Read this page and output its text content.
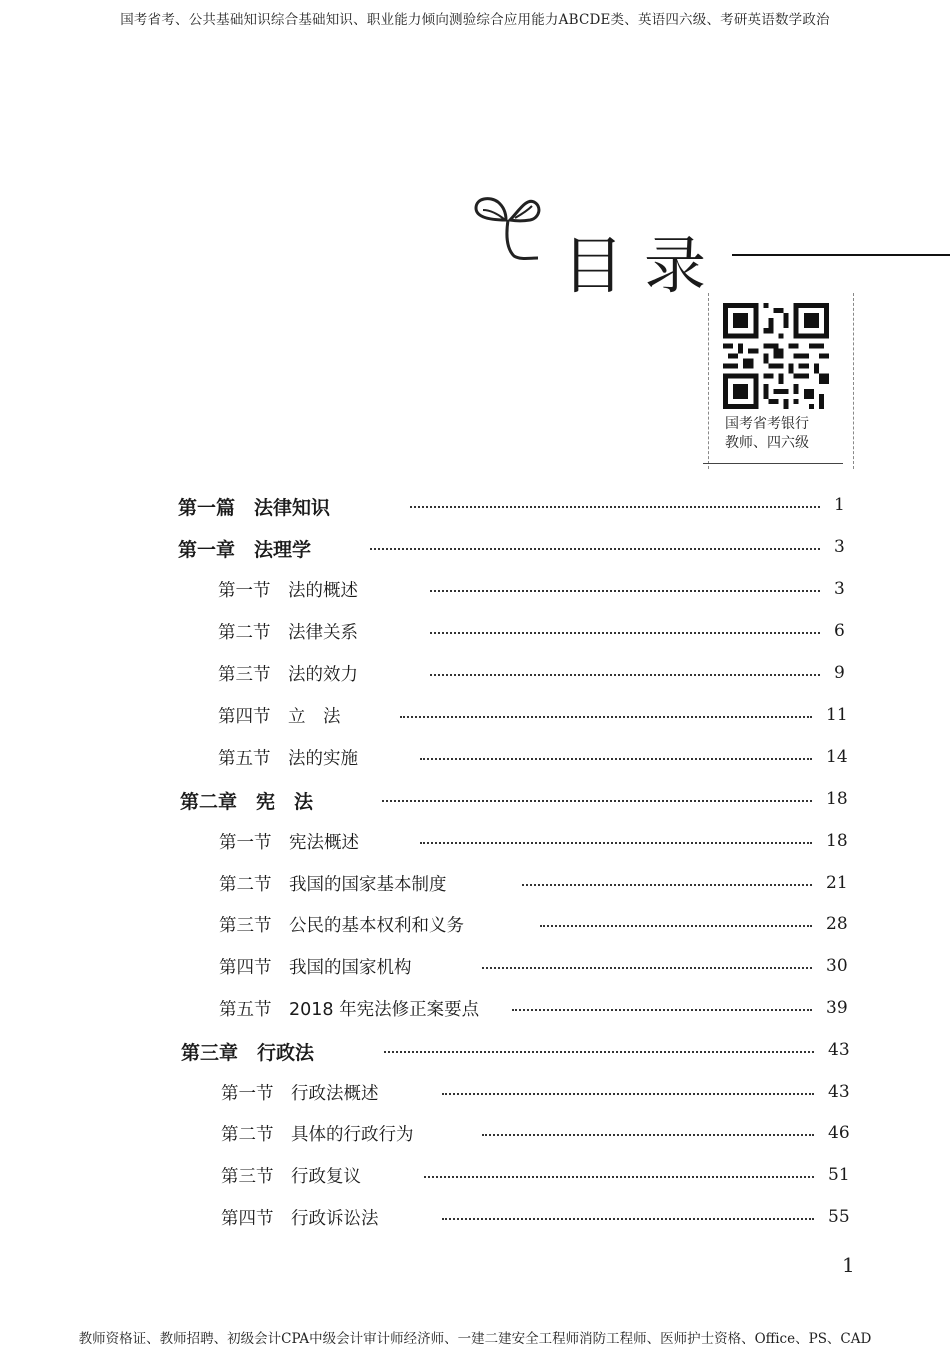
国考省考、公共基础知识综合基础知识、职业能力倾向测验综合应用能力ABCDE类、英语四六级、考研英语数学政治
目录
国考省考银行
教师、四六级
第一篇　法律知识	1
第一章　法理学	3
第一节　法的概述	3
第二节　法律关系	6
第三节　法的效力	9
第四节　立　法	11
第五节　法的实施	14
第二章　宪　法	18
第一节　宪法概述	18
第二节　我国的国家基本制度	21
第三节　公民的基本权利和义务	28
第四节　我国的国家机构	30
第五节　2018 年宪法修正案要点	39
第三章　行政法	43
第一节　行政法概述	43
第二节　具体的行政行为	46
第三节　行政复议	51
第四节　行政诉讼法	55
1
教师资格证、教师招聘、初级会计CPA中级会计审计师经济师、一建二建安全工程师消防工程师、医师护士资格、Office、PS、CAD
